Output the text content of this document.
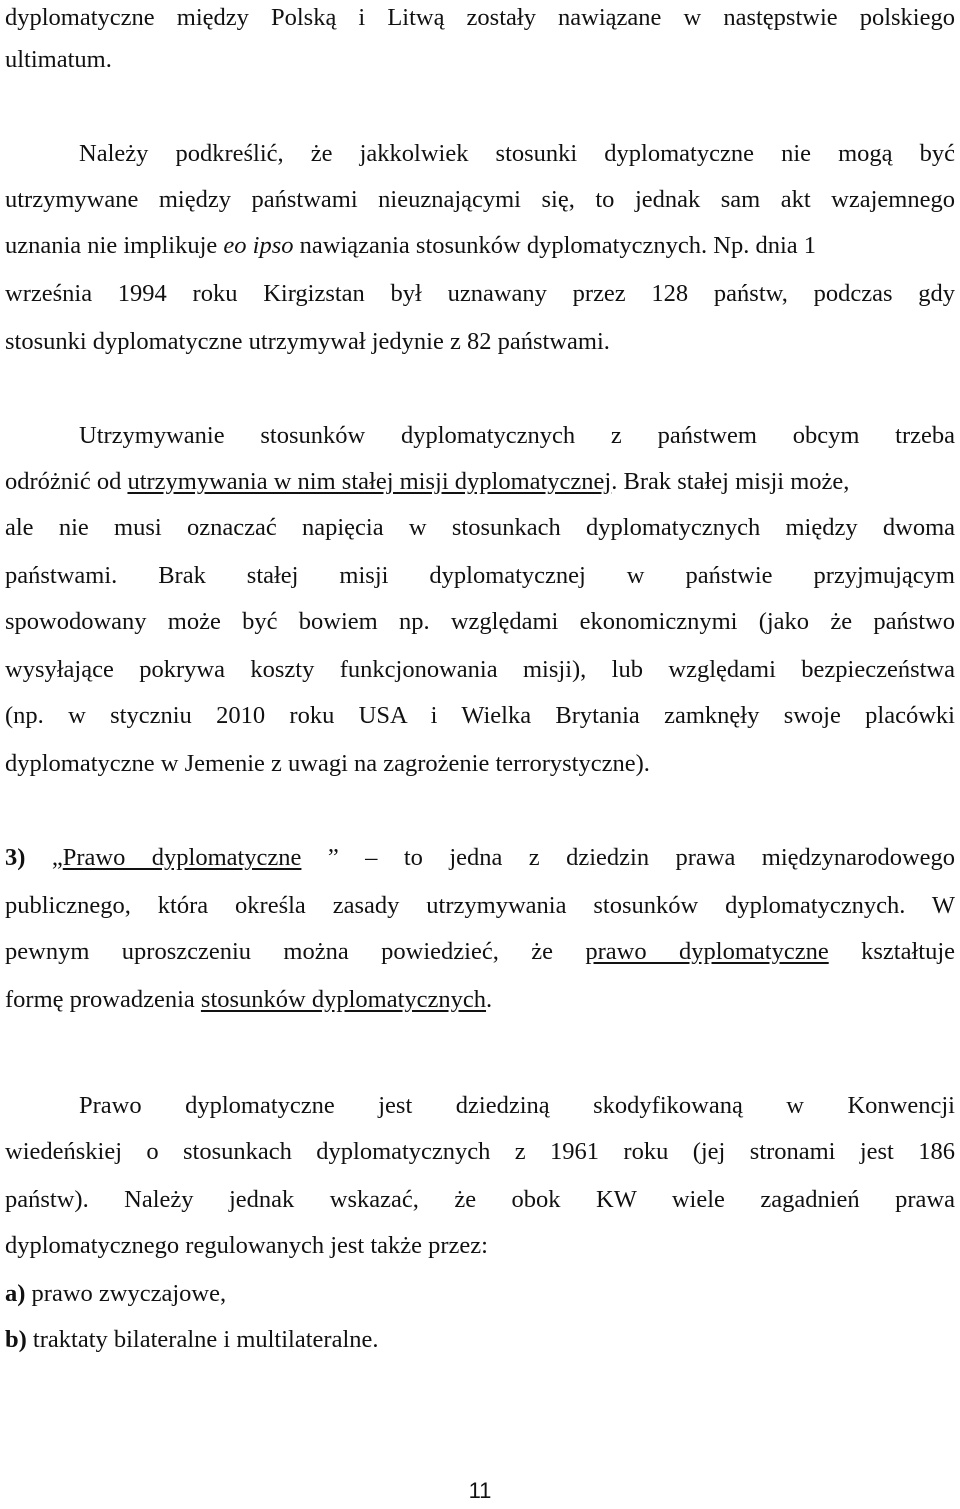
dyplomatyczne między Polską i Litwą zostały nawiązane w następstwie polskiego
ultimatum.
Należy podkreślić, że jakkolwiek stosunki dyplomatyczne nie mogą być
utrzymywane między państwami nieuznającymi się, to jednak sam akt wzajemnego
uznania nie implikuje eo ipso nawiązania stosunków dyplomatycznych. Np. dnia 1
września 1994 roku Kirgizstan był uznawany przez 128 państw, podczas gdy
stosunki dyplomatyczne utrzymywał jedynie z 82 państwami.
Utrzymywanie stosunków dyplomatycznych z państwem obcym trzeba
odróżnić od utrzymywania w nim stałej misji dyplomatycznej. Brak stałej misji może,
ale nie musi oznaczać napięcia w stosunkach dyplomatycznych między dwoma
państwami. Brak stałej misji dyplomatycznej w państwie przyjmującym
spowodowany może być bowiem np. względami ekonomicznymi (jako że państwo
wysyłające pokrywa koszty funkcjonowania misji), lub względami bezpieczeństwa
(np. w styczniu 2010 roku USA i Wielka Brytania zamknęły swoje placówki
dyplomatyczne w Jemenie z uwagi na zagrożenie terrorystyczne).
3) „Prawo dyplomatyczne ” – to jedna z dziedzin prawa międzynarodowego
publicznego, która określa zasady utrzymywania stosunków dyplomatycznych. W
pewnym uproszczeniu można powiedzieć, że prawo dyplomatyczne kształtuje
formę prowadzenia stosunków dyplomatycznych.
Prawo dyplomatyczne jest dziedziną skodyfikowaną w Konwencji
wiedeńskiej o stosunkach dyplomatycznych z 1961 roku (jej stronami jest 186
państw). Należy jednak wskazać, że obok KW wiele zagadnień prawa
dyplomatycznego regulowanych jest także przez:
a) prawo zwyczajowe,
b) traktaty bilateralne i multilateralne.
11
